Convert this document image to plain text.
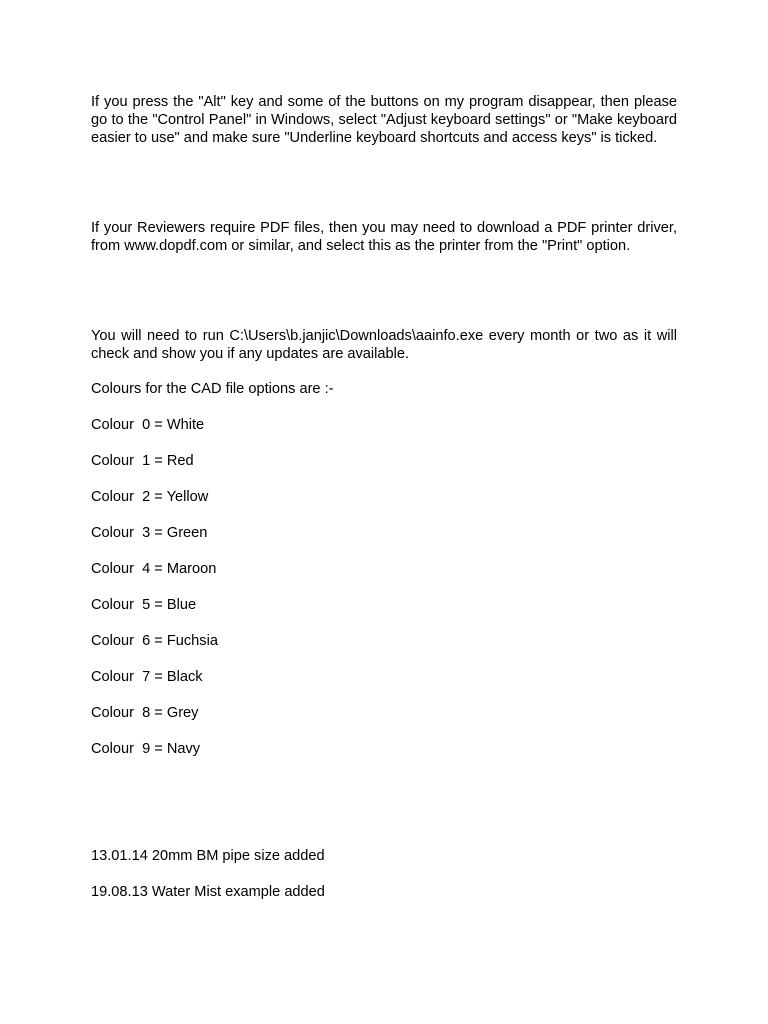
If you press the "Alt" key and some of the buttons on my program disappear, then please go to the "Control Panel" in Windows, select "Adjust keyboard settings" or "Make keyboard easier to use" and make sure "Underline keyboard shortcuts and access keys" is ticked.

If your Reviewers require PDF files, then you may need to download a PDF printer driver, from www.dopdf.com or similar, and select this as the printer from the "Print" option.

You will need to run C:\Users\b.janjic\Downloads\aainfo.exe every month or two as it will check and show you if any updates are available.

Colours for the CAD file options are :-

Colour  0 = White

Colour  1 = Red

Colour  2 = Yellow

Colour  3 = Green

Colour  4 = Maroon

Colour  5 = Blue

Colour  6 = Fuchsia

Colour  7 = Black

Colour  8 = Grey

Colour  9 = Navy

13.01.14 20mm BM pipe size added

19.08.13 Water Mist example added
